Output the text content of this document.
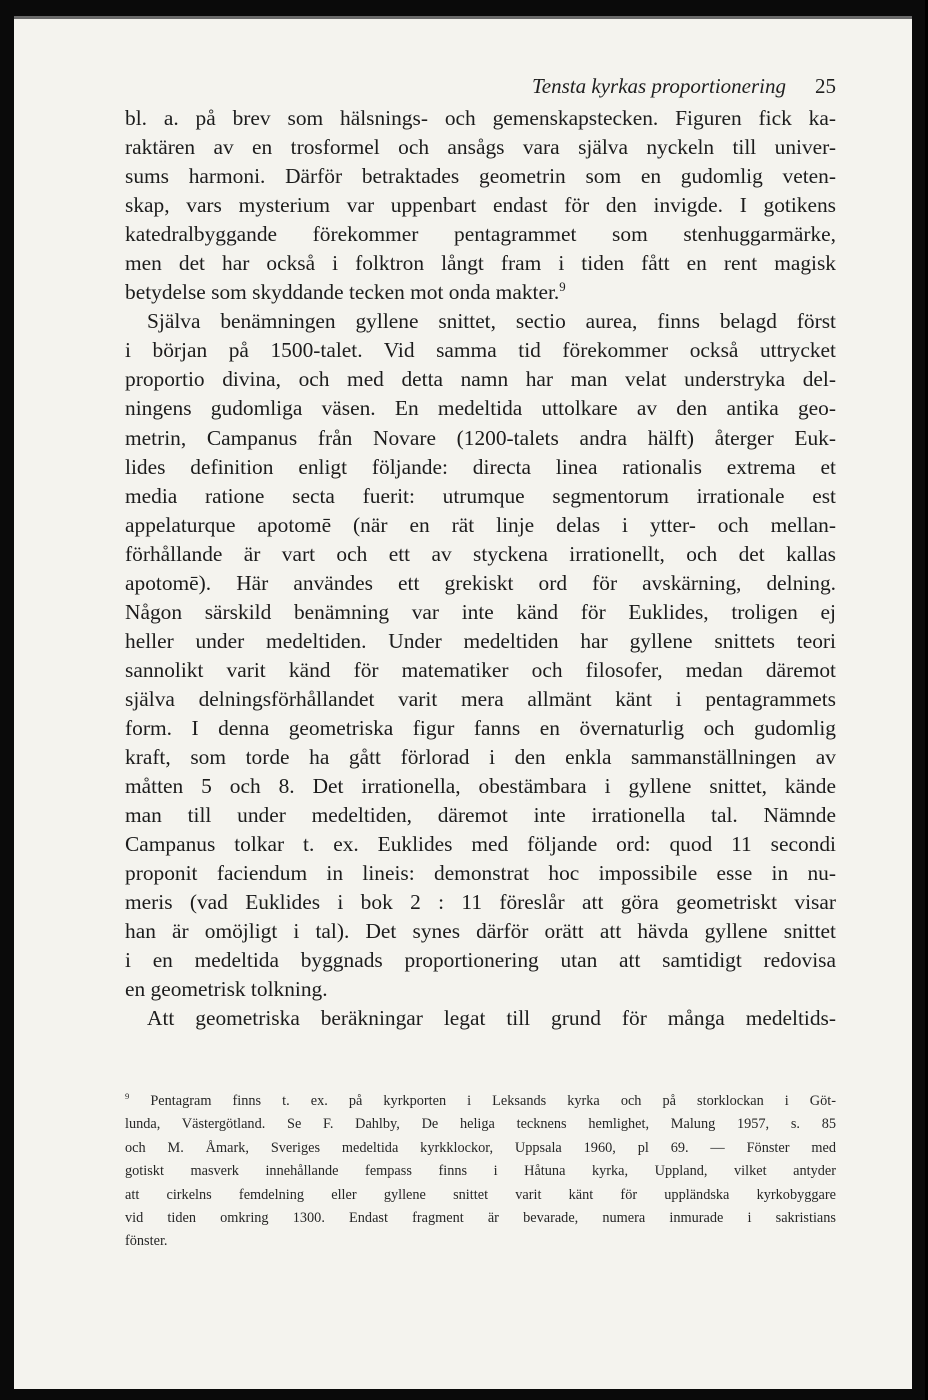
Tensta kyrkas proportionering 25
bl. a. på brev som hälsnings- och gemenskapstecken. Figuren fick ka-
raktären av en trosformel och ansågs vara själva nyckeln till univer-
sums harmoni. Därför betraktades geometrin som en gudomlig veten-
skap, vars mysterium var uppenbart endast för den invigde. I gotikens
katedralbyggande förekommer pentagrammet som stenhuggarmärke,
men det har också i folktron långt fram i tiden fått en rent magisk
betydelse som skyddande tecken mot onda makter.$^9$
Själva benämningen gyllene snittet, sectio aurea, finns belagd först
i början på 1500-talet. Vid samma tid förekommer också uttrycket
proportio divina, och med detta namn har man velat understryka del-
ningens gudomliga väsen. En medeltida uttolkare av den antika geo-
metrin, Campanus från Novare (1200-talets andra hälft) återger Euk-
lides definition enligt följande: directa linea rationalis extrema et
media ratione secta fuerit: utrumque segmentorum irrationale est
appelaturque apotomē (när en rät linje delas i ytter- och mellan-
förhållande är vart och ett av styckena irrationellt, och det kallas
apotomē). Här användes ett grekiskt ord för avskärning, delning.
Någon särskild benämning var inte känd för Euklides, troligen ej
heller under medeltiden. Under medeltiden har gyllene snittets teori
sannolikt varit känd för matematiker och filosofer, medan däremot
själva delningsförhållandet varit mera allmänt känt i pentagrammets
form. I denna geometriska figur fanns en övernaturlig och gudomlig
kraft, som torde ha gått förlorad i den enkla sammanställningen av
måtten 5 och 8. Det irrationella, obestämbara i gyllene snittet, kände
man till under medeltiden, däremot inte irrationella tal. Nämnde
Campanus tolkar t. ex. Euklides med följande ord: quod 11 secondi
proponit faciendum in lineis: demonstrat hoc impossibile esse in nu-
meris (vad Euklides i bok 2 : 11 föreslår att göra geometriskt visar
han är omöjligt i tal). Det synes därför orätt att hävda gyllene snittet
i en medeltida byggnads proportionering utan att samtidigt redovisa
en geometrisk tolkning.
Att geometriska beräkningar legat till grund för många medeltids-
$^9$ Pentagram finns t. ex. på kyrkporten i Leksands kyrka och på storklockan i Göt-
lunda, Västergötland. Se F. Dahlby, De heliga tecknens hemlighet, Malung 1957, s. 85
och M. Åmark, Sveriges medeltida kyrkklockor, Uppsala 1960, pl 69. — Fönster med
gotiskt masverk innehållande fempass finns i Håtuna kyrka, Uppland, vilket antyder
att cirkelns femdelning eller gyllene snittet varit känt för uppländska kyrkobyggare
vid tiden omkring 1300. Endast fragment är bevarade, numera inmurade i sakristians
fönster.
